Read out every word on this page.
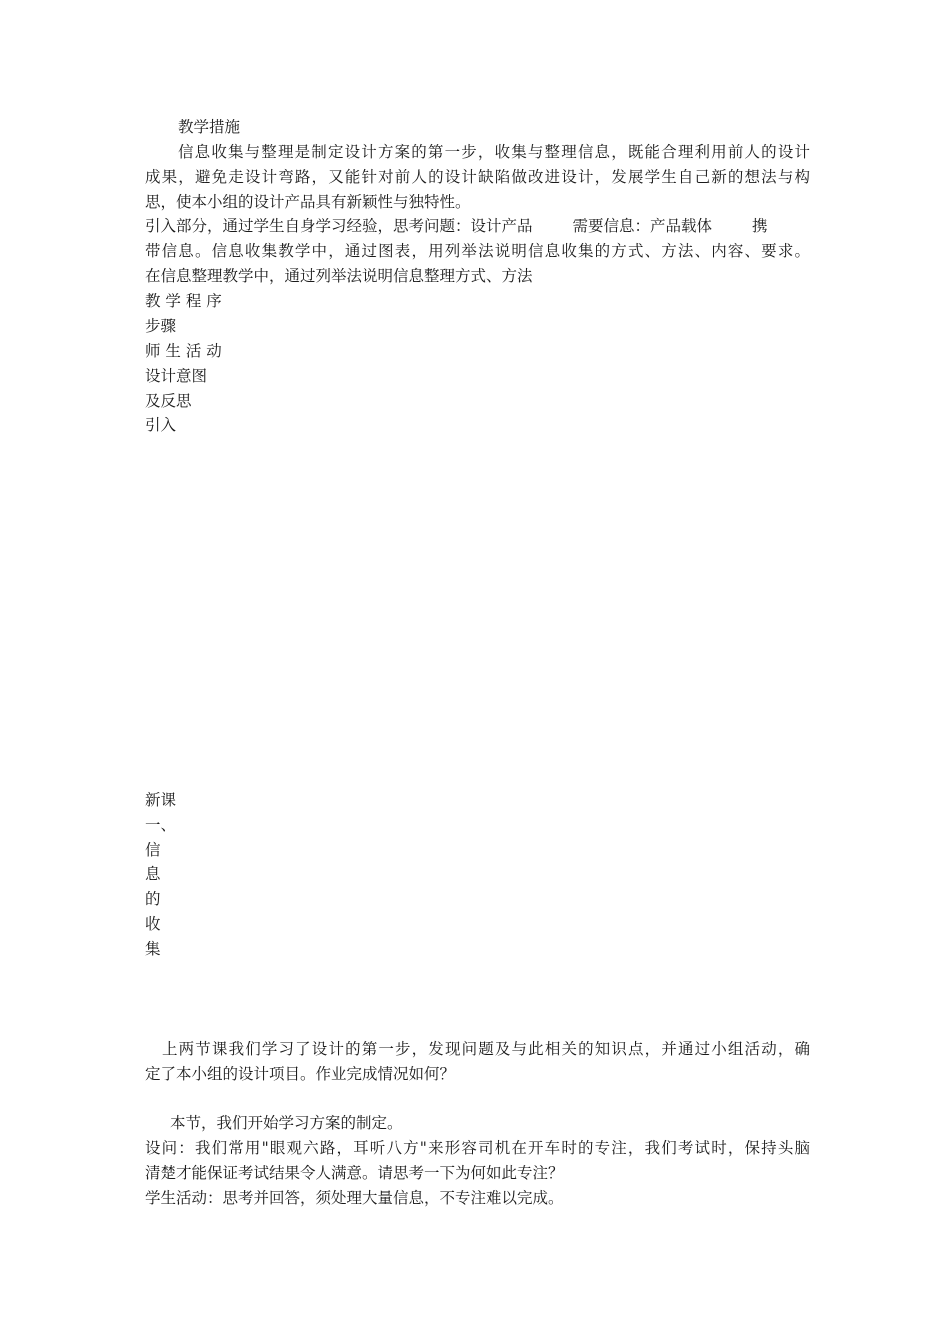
教学措施

信息收集与整理是制定设计方案的第一步，收集与整理信息，既能合理利用前人的设计

成果，避免走设计弯路，又能针对前人的设计缺陷做改进设计，发展学生自己新的想法与构

思，使本小组的设计产品具有新颖性与独特性。

引入部分，通过学生自身学习经验，思考问题：设计产品	需要信息：产品载体	携

带信息。信息收集教学中，通过图表，用列举法说明信息收集的方式、方法、内容、要求。

在信息整理教学中，通过列举法说明信息整理方式、方法

教 学 程 序

步骤

师 生 活 动

设计意图

及反思

引入

新课

一、

信

息

的

收

集

上两节课我们学习了设计的第一步，发现问题及与此相关的知识点，并通过小组活动，确

定了本小组的设计项目。作业完成情况如何？

本节，我们开始学习方案的制定。

设问：我们常用"眼观六路，耳听八方"来形容司机在开车时的专注，我们考试时，保持头脑

清楚才能保证考试结果令人满意。请思考一下为何如此专注？

学生活动：思考并回答，须处理大量信息，不专注难以完成。
